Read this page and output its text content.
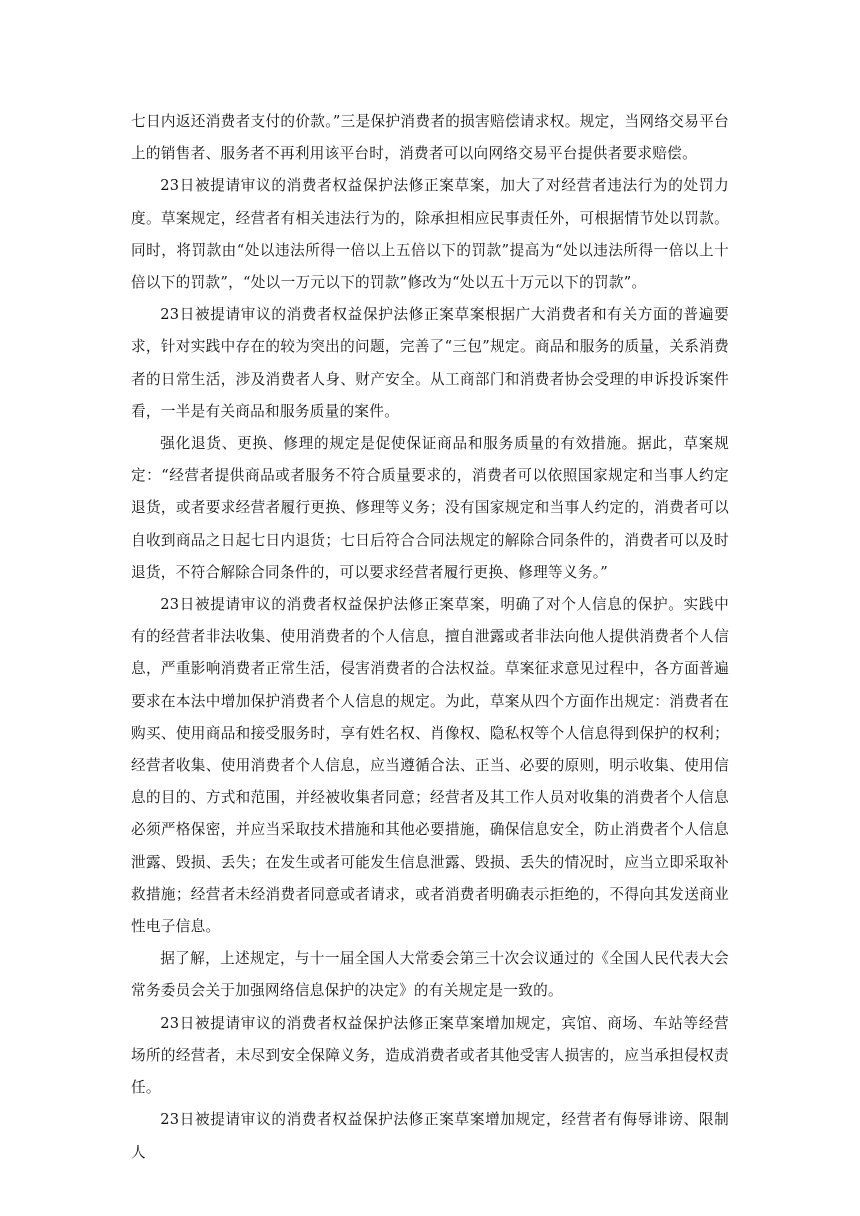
七日内返还消费者支付的价款。”三是保护消费者的损害赔偿请求权。规定，当网络交易平台上的销售者、服务者不再利用该平台时，消费者可以向网络交易平台提供者要求赔偿。

23日被提请审议的消费者权益保护法修正案草案，加大了对经营者违法行为的处罚力度。草案规定，经营者有相关违法行为的，除承担相应民事责任外，可根据情节处以罚款。同时，将罚款由“处以违法所得一倍以上五倍以下的罚款”提高为“处以违法所得一倍以上十倍以下的罚款”，“处以一万元以下的罚款”修改为“处以五十万元以下的罚款”。

23日被提请审议的消费者权益保护法修正案草案根据广大消费者和有关方面的普遍要求，针对实践中存在的较为突出的问题，完善了“三包”规定。商品和服务的质量，关系消费者的日常生活，涉及消费者人身、财产安全。从工商部门和消费者协会受理的申诉投诉案件看，一半是有关商品和服务质量的案件。

强化退货、更换、修理的规定是促使保证商品和服务质量的有效措施。据此，草案规定：“经营者提供商品或者服务不符合质量要求的，消费者可以依照国家规定和当事人约定退货，或者要求经营者履行更换、修理等义务；没有国家规定和当事人约定的，消费者可以自收到商品之日起七日内退货；七日后符合合同法规定的解除合同条件的，消费者可以及时退货，不符合解除合同条件的，可以要求经营者履行更换、修理等义务。”

23日被提请审议的消费者权益保护法修正案草案，明确了对个人信息的保护。实践中有的经营者非法收集、使用消费者的个人信息，擅自泄露或者非法向他人提供消费者个人信息，严重影响消费者正常生活，侵害消费者的合法权益。草案征求意见过程中，各方面普遍要求在本法中增加保护消费者个人信息的规定。为此，草案从四个方面作出规定：消费者在购买、使用商品和接受服务时，享有姓名权、肖像权、隐私权等个人信息得到保护的权利；经营者收集、使用消费者个人信息，应当遵循合法、正当、必要的原则，明示收集、使用信息的目的、方式和范围，并经被收集者同意；经营者及其工作人员对收集的消费者个人信息必须严格保密，并应当采取技术措施和其他必要措施，确保信息安全，防止消费者个人信息泄露、毁损、丢失；在发生或者可能发生信息泄露、毁损、丢失的情况时，应当立即采取补救措施；经营者未经消费者同意或者请求，或者消费者明确表示拒绝的，不得向其发送商业性电子信息。

据了解，上述规定，与十一届全国人大常委会第三十次会议通过的《全国人民代表大会常务委员会关于加强网络信息保护的决定》的有关规定是一致的。

23日被提请审议的消费者权益保护法修正案草案增加规定，宾馆、商场、车站等经营场所的经营者，未尽到安全保障义务，造成消费者或者其他受害人损害的，应当承担侵权责任。

23日被提请审议的消费者权益保护法修正案草案增加规定，经营者有侮辱诽谤、限制人
